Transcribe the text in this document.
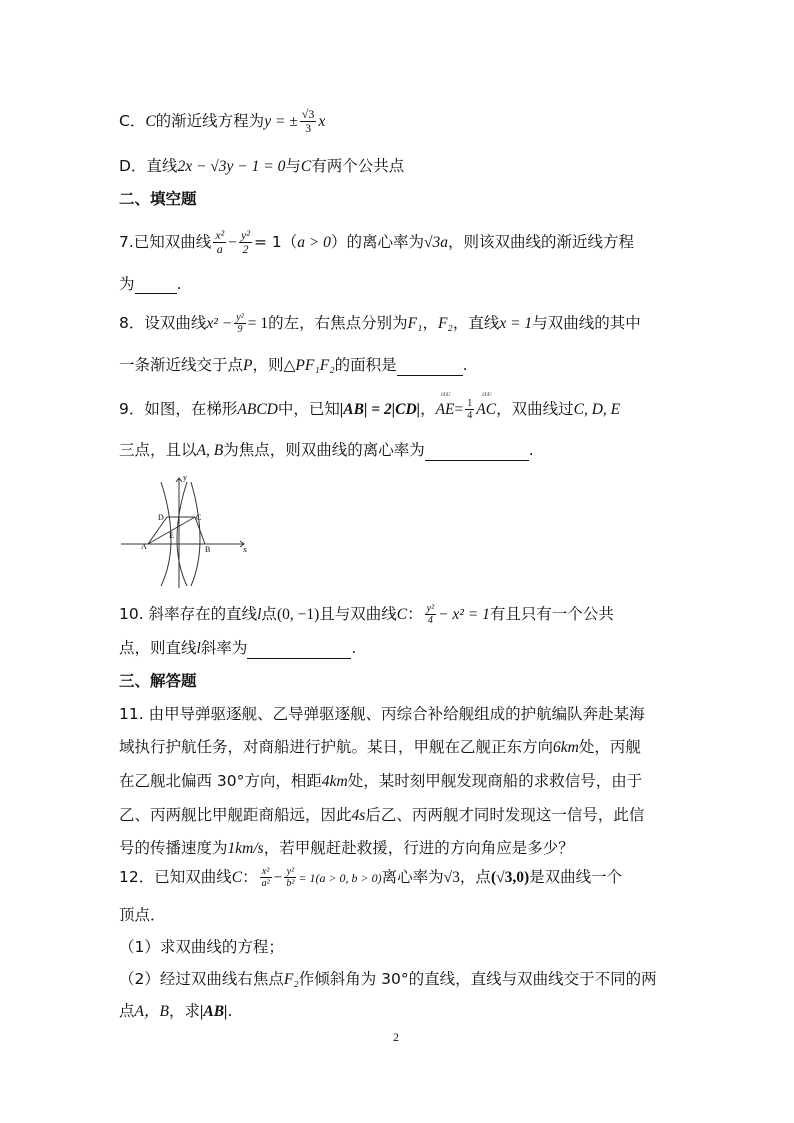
C．C的渐近线方程为y = ± $\frac{√3}{3}$ x
D．直线2x − √3y − 1 = 0与C有两个公共点
二、填空题
7.已知双曲线 $\frac{\text{x²}}{a} - \frac{\text{y²}}{2} = 1(a > 0)$的离心率为√3a，则该双曲线的渐近线方程
为	.
8．设双曲线$x^2 - \frac{\text{y²}}{9} = 1$的左，右焦点分别为F₁，F₂，直线x = 1与双曲线的其中
一条渐近线交于点P，则△PF₁F₂的面积是	.
9．如图，在梯形ABCD中，已知|AB| = 2|CD|，
ᵁᵁᵁ
$AE= \frac{1}{4}$
ᵁᵁᵁ
AC，双曲线过C, D, E
三点，且以A, B为焦点，则双曲线的离心率为	.
y
x
D	C
A
E
B
10. 斜率存在的直线l点(0, −1)且与双曲线C： $\frac{\text{y²}}{4} - x^2 = 1$有且只有一个公共
点，则直线l斜率为	.
三、解答题
11. 由甲导弹驱逐舰、乙导弹驱逐舰、丙综合补给舰组成的护航编队奔赴某海
域执行护航任务，对商船进行护航。某日，甲舰在乙舰正东方向6km处，丙舰
在乙舰北偏西 30°方向，相距4km处，某时刻甲舰发现商船的求救信号，由于
乙、丙两舰比甲舰距商船远，因此4s后乙、丙两舰才同时发现这一信号，此信
号的传播速度为1km/s，若甲舰赶赴救援，行进的方向角应是多少？
12．已知双曲线C： $\frac{\text{x²}}{\text{a²}} - \frac{\text{y²}}{\text{b²}} = 1(a > 0$, b > 0)离心率为√3，点(√3,0)是双曲线一个
顶点．
（1）求双曲线的方程；
（2）经过双曲线右焦点F₂作倾斜角为 30°的直线，直线与双曲线交于不同的两
点A，B，求|AB|.
2
